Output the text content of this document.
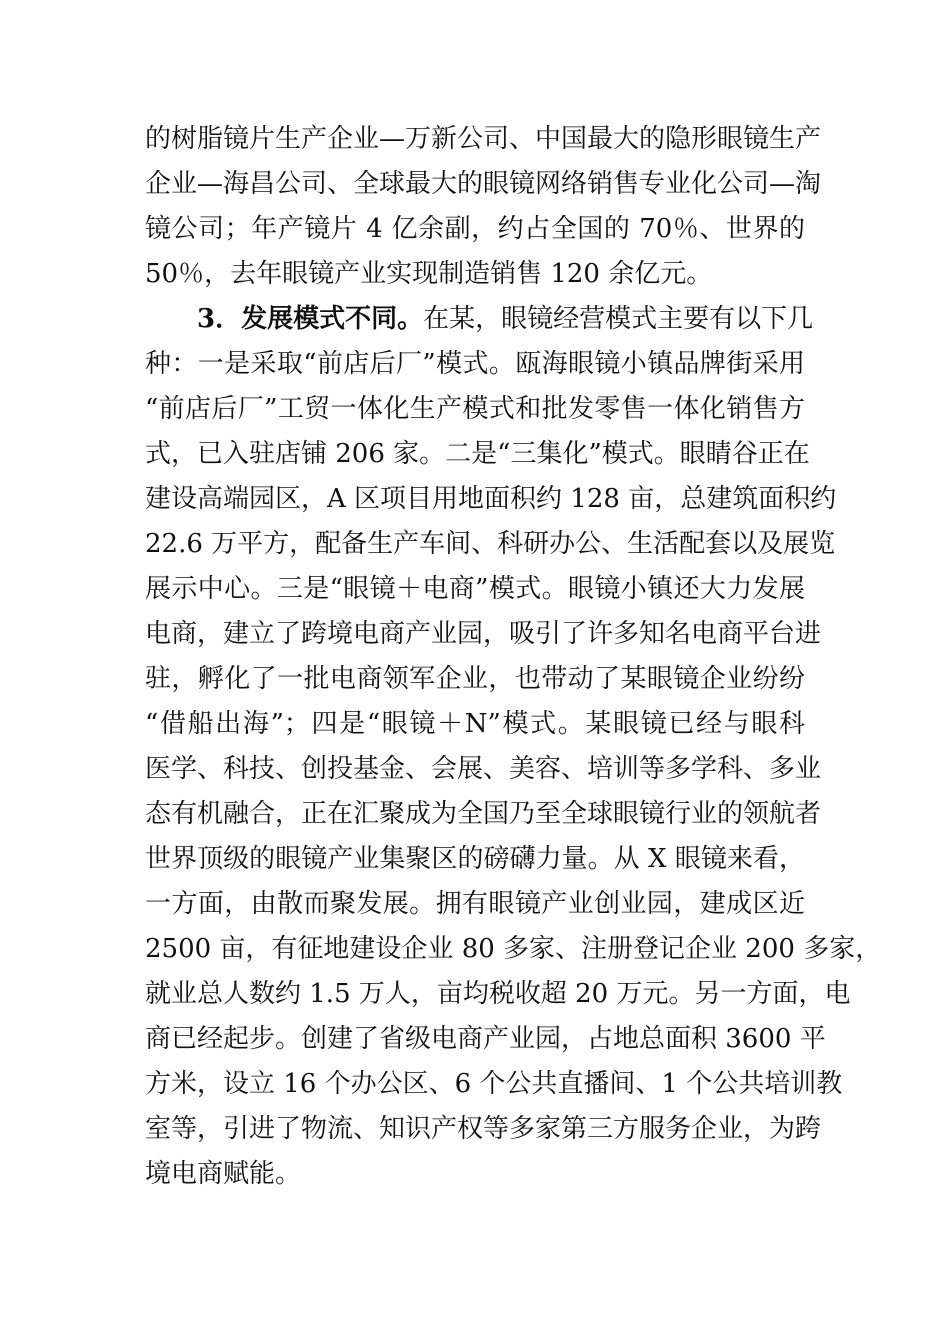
的树脂镜片生产企业—万新公司、中国最大的隐形眼镜生产
企业—海昌公司、全球最大的眼镜网络销售专业化公司—淘
镜公司；年产镜片 4 亿余副，约占全国的 70％、世界的
50％，去年眼镜产业实现制造销售 120 余亿元。
3．发展模式不同。在某，眼镜经营模式主要有以下几
种：一是采取“前店后厂”模式。瓯海眼镜小镇品牌街采用
“前店后厂”工贸一体化生产模式和批发零售一体化销售方
式，已入驻店铺 206 家。二是“三集化”模式。眼睛谷正在
建设高端园区，A 区项目用地面积约 128 亩，总建筑面积约
22.6 万平方，配备生产车间、科研办公、生活配套以及展览
展示中心。三是“眼镜＋电商”模式。眼镜小镇还大力发展
电商，建立了跨境电商产业园，吸引了许多知名电商平台进
驻，孵化了一批电商领军企业，也带动了某眼镜企业纷纷
“借船出海”；四是“眼镜＋N”模式。某眼镜已经与眼科
医学、科技、创投基金、会展、美容、培训等多学科、多业
态有机融合，正在汇聚成为全国乃至全球眼镜行业的领航者
世界顶级的眼镜产业集聚区的磅礴力量。从 X 眼镜来看，
一方面，由散而聚发展。拥有眼镜产业创业园，建成区近
2500 亩，有征地建设企业 80 多家、注册登记企业 200 多家，
就业总人数约 1.5 万人，亩均税收超 20 万元。另一方面，电
商已经起步。创建了省级电商产业园，占地总面积 3600 平
方米，设立 16 个办公区、6 个公共直播间、1 个公共培训教
室等，引进了物流、知识产权等多家第三方服务企业，为跨
境电商赋能。
